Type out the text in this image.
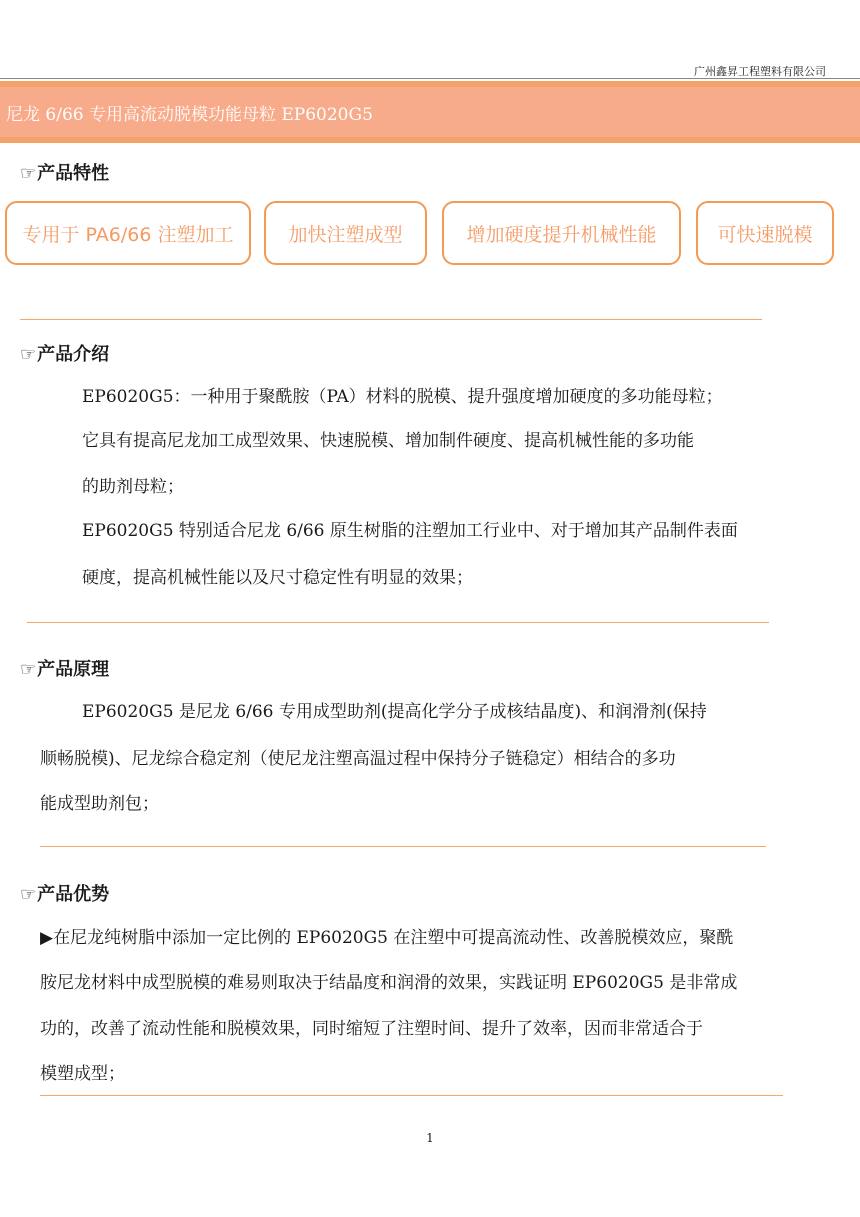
广州鑫昇工程塑料有限公司
尼龙 6/66 专用高流动脱模功能母粒 EP6020G5
☞产品特性
专用于 PA6/66 注塑加工	加快注塑成型	增加硬度提升机械性能	可快速脱模
☞产品介绍

EP6020G5：一种用于聚酰胺（PA）材料的脱模、提升强度增加硬度的多功能母粒；

它具有提高尼龙加工成型效果、快速脱模、增加制件硬度、提高机械性能的多功能

的助剂母粒；

EP6020G5 特别适合尼龙 6/66 原生树脂的注塑加工行业中、对于增加其产品制件表面

硬度，提高机械性能以及尺寸稳定性有明显的效果；

☞产品原理

EP6020G5 是尼龙 6/66 专用成型助剂(提高化学分子成核结晶度)、和润滑剂(保持

顺畅脱模)、尼龙综合稳定剂（使尼龙注塑高温过程中保持分子链稳定）相结合的多功

能成型助剂包；

☞产品优势

▶在尼龙纯树脂中添加一定比例的 EP6020G5 在注塑中可提高流动性、改善脱模效应，聚酰

胺尼龙材料中成型脱模的难易则取决于结晶度和润滑的效果，实践证明 EP6020G5 是非常成

功的，改善了流动性能和脱模效果，同时缩短了注塑时间、提升了效率，因而非常适合于

模塑成型；

1
